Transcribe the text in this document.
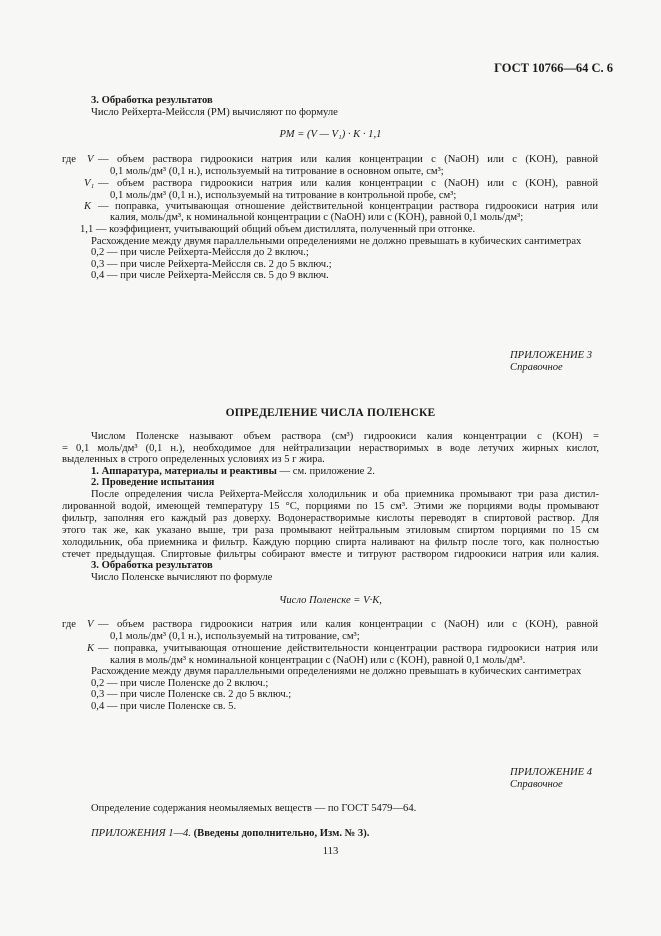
ГОСТ 10766—64 С. 6
3. Обработка результатов
Число Рейхерта-Мейссля (РМ) вычисляют по формуле
РМ = (V — V₁) · K · 1,1
где V — объем раствора гидроокиси натрия или калия концентрации c (NaOH) или c (KOH), равной
0,1 моль/дм³ (0,1 н.), используемый на титрование в основном опыте, см³;
V₁ — объем раствора гидроокиси натрия или калия концентрации c (NaOH) или c (KOH), равной
0,1 моль/дм³ (0,1 н.), используемый на титрование в контрольной пробе, см³;
K — поправка, учитывающая отношение действительной концентрации раствора гидроокиси натрия или
калия, моль/дм³, к номинальной концентрации c (NaOH) или c (KOH), равной 0,1 моль/дм³;
1,1 — коэффициент, учитывающий общий объем дистиллята, полученный при отгонке.
Расхождение между двумя параллельными определениями не должно превышать в кубических сантиметрах
0,2 — при числе Рейхерта-Мейссля до 2 включ.;
0,3 — при числе Рейхерта-Мейссля св. 2 до 5 включ.;
0,4 — при числе Рейхерта-Мейссля св. 5 до 9 включ.
ПРИЛОЖЕНИЕ 3
Справочное
ОПРЕДЕЛЕНИЕ ЧИСЛА ПОЛЕНСКЕ
Числом Поленске называют объем раствора (см³) гидроокиси калия концентрации c (KOH) =
= 0,1 моль/дм³ (0,1 н.), необходимое для нейтрализации нерастворимых в воде летучих жирных кислот,
выделенных в строго определенных условиях из 5 г жира.
1. Аппаратура, материалы и реактивы — см. приложение 2.
2. Проведение испытания
После определения числа Рейхерта-Мейссля холодильник и оба приемника промывают три раза дистил-
лированной водой, имеющей температуру 15 °С, порциями по 15 см³. Этими же порциями воды промывают
фильтр, заполняя его каждый раз доверху. Водонерастворимые кислоты переводят в спиртовой раствор. Для
этого так же, как указано выше, три раза промывают нейтральным этиловым спиртом порциями по 15 см
холодильник, оба приемника и фильтр. Каждую порцию спирта наливают на фильтр после того, как полностью
стечет предыдущая. Спиртовые фильтры собирают вместе и титруют раствором гидроокиси натрия или калия.
3. Обработка результатов
Число Поленске вычисляют по формуле
Число Поленске = V·K,
где V — объем раствора гидроокиси натрия или калия концентрации c (NaOH) или c (KOH), равной
0,1 моль/дм³ (0,1 н.), используемый на титрование, см³;
K — поправка, учитывающая отношение действительности концентрации раствора гидроокиси натрия или
калия в моль/дм³ к номинальной концентрации c (NaOH) или c (KOH), равной 0,1 моль/дм³.
Расхождение между двумя параллельными определениями не должно превышать в кубических сантиметрах
0,2 — при числе Поленске до 2 включ.;
0,3 — при числе Поленске св. 2 до 5 включ.;
0,4 — при числе Поленске св. 5.
ПРИЛОЖЕНИЕ 4
Справочное
Определение содержания неомыляемых веществ — по ГОСТ 5479—64.
ПРИЛОЖЕНИЯ 1—4. (Введены дополнительно, Изм. № 3).
113
